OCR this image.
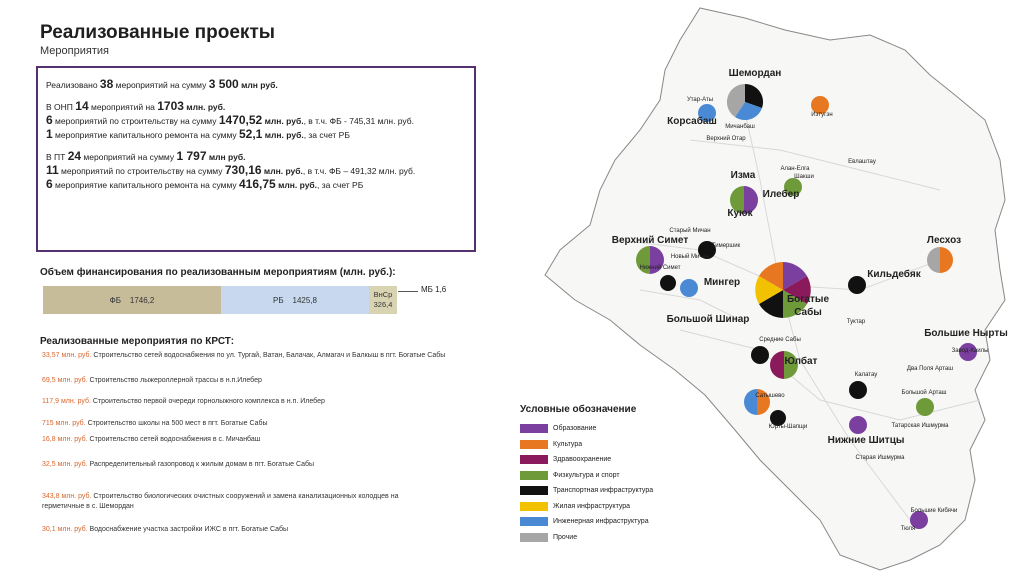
Реализованные проекты
Мероприятия
Реализовано 38 мероприятий на сумму 3 500 млн руб.
В ОНП 14 мероприятий на 1703 млн. руб.
6 мероприятий по строительству на сумму 1470,52 млн. руб., в т.ч. ФБ - 745,31 млн. руб.
1 мероприятие капитального ремонта на сумму 52,1 млн. руб., за счет РБ
В ПТ 24 мероприятий на сумму 1 797 млн руб.
11 мероприятий по строительству на сумму 730,16 млн. руб., в т.ч. ФБ – 491,32 млн. руб.
6 мероприятие капитального ремонта на сумму 416,75 млн. руб., за счет РБ
Объем финансирования по реализованным мероприятиям (млн. руб.):
ФБ
1746,2	РБ
1425,8
ВнСр
326,4
МБ 1,6
Реализованные мероприятия по КРСТ:
33,57 млн. руб. Строительство сетей водоснабжения по ул. Тургай, Ватан, Балачак, Алмагач и Балкыш в пгт. Богатые Сабы
69,5 млн. руб. Строительство лыжероллерной трассы в н.п.Илебер
117,9 млн. руб. Строительство первой очереди горнолыжного комплекса в н.п. Илебер
715 млн. руб. Строительство школы на 500 мест в пгт. Богатые Сабы
16,8 млн. руб. Строительство сетей водоснабжения в с. Мичанбаш
32,5 млн. руб. Распределительный газопровод к жилым домам в пгт. Богатые Сабы
343,8 млн. руб. Строительство биологических очистных сооружений и замена канализационных колодцев на
герметичные в с. Шемордан
30,1 млн. руб. Водоснабжение участка застройки ИЖС в пгт. Богатые Сабы
Шемордан
Корсабаш Мичанбаш
Утар-Аты
Изтугэн
Верхний Отар
Алан-Елга
Шакши
Евлаштау
Изма
Илебер
Куюк
Старый Мичан
Верхний Симет	Тимершик
Новый Мичан
Нижний Симет
Лесхоз
Кильдебяк
Мингер
Богатые
Сабы
Большой Шинар	Туктар
Большие Нырты
Средние Сабы
Завод-Каилы
Юлбат
Два Поля Арташ
Калатау
Большой Арташ
Сатышево
Татарская Ишмурма
Юрты-Шапщи
Нижние Шитцы
Старая Ишмурма
Большие Кибячи
Тюля
Условные обозначение
Образование
Культура
Здравоохранение
Физкультура и спорт
Транспортная инфраструктура
Жилая инфраструктура
Инженерная инфраструктура
Прочие
